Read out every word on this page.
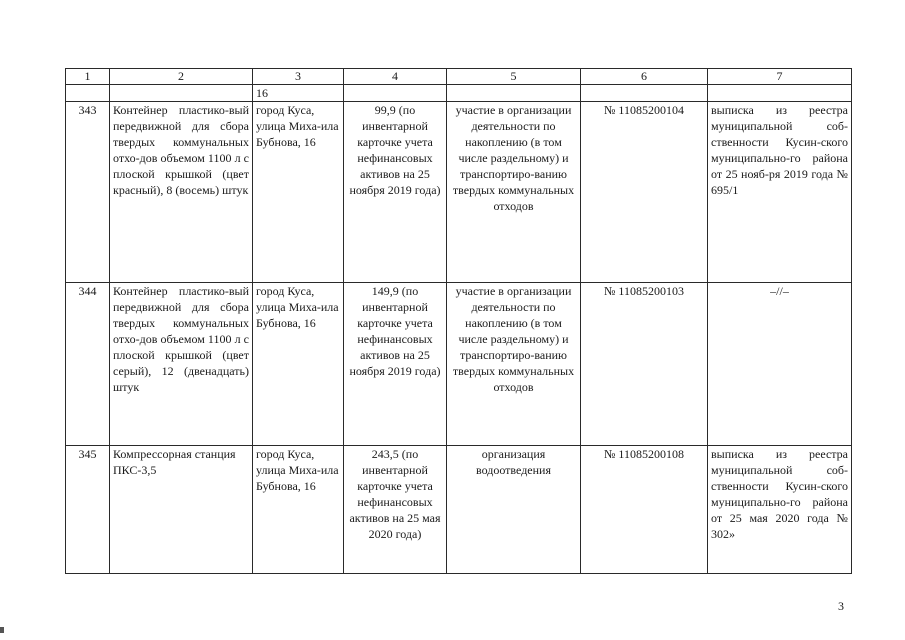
1	2	3	4	5	6	7
		16				
343	Контейнер пластико-вый передвижной для сбора твердых коммунальных отхо-дов объемом 1100 л с плоской крышкой (цвет красный), 8 (восемь) штук	город Куса, улица Миха-ила Бубнова, 16	99,9 (по инвентарной карточке учета нефинансовых активов на 25 ноября 2019 года)	участие в организации деятельности по накоплению (в том числе раздельному) и транспортиро-ванию твердых коммунальных отходов	№ 11085200104	выписка из реестра муниципальной соб-ственности Кусин-ского муниципально-го района от 25 нояб-ря 2019 года № 695/1
344	Контейнер пластико-вый передвижной для сбора твердых коммунальных отхо-дов объемом 1100 л с плоской крышкой (цвет серый), 12 (двенадцать) штук	город Куса, улица Миха-ила Бубнова, 16	149,9 (по инвентарной карточке учета нефинансовых активов на 25 ноября 2019 года)	участие в организации деятельности по накоплению (в том числе раздельному) и транспортиро-ванию твердых коммунальных отходов	№ 11085200103	–//–
345	Компрессорная станция ПКС-3,5	город Куса, улица Миха-ила Бубнова, 16	243,5 (по инвентарной карточке учета нефинансовых активов на 25 мая 2020 года)	организация водоотведения	№ 11085200108	выписка из реестра муниципальной соб-ственности Кусин-ского муниципально-го района от 25 мая 2020 года № 302»
3
